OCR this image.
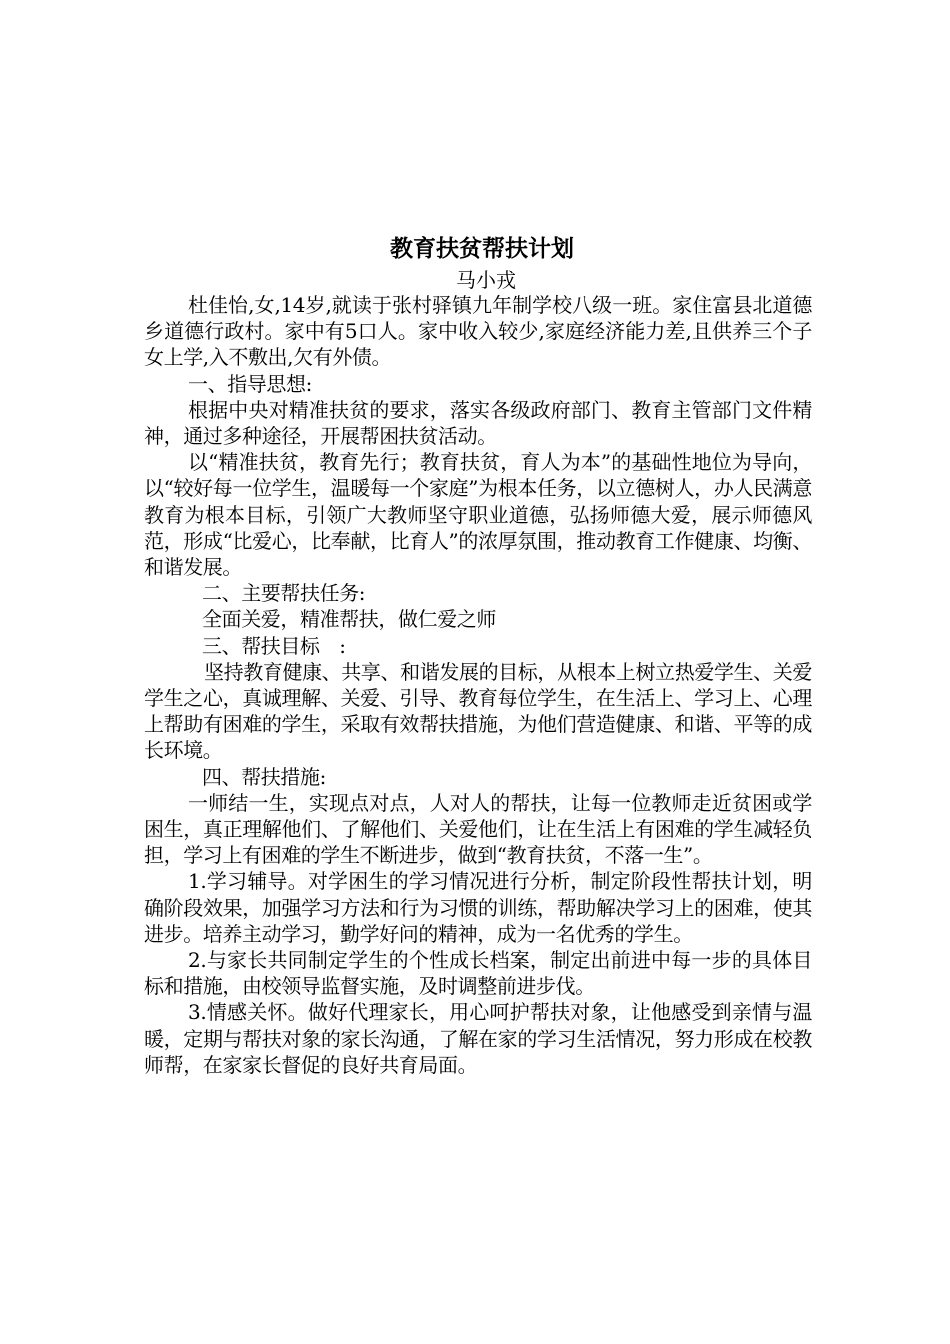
教育扶贫帮扶计划
马小戎

杜佳怡,女,14岁,就读于张村驿镇九年制学校八级一班。家住富县北道德乡道德行政村。家中有5口人。家中收入较少,家庭经济能力差,且供养三个子女上学,入不敷出,欠有外债。

一、指导思想:

根据中央对精准扶贫的要求，落实各级政府部门、教育主管部门文件精神，通过多种途径，开展帮困扶贫活动。

以“精准扶贫，教育先行；教育扶贫，育人为本”的基础性地位为导向，以“较好每一位学生，温暖每一个家庭”为根本任务，以立德树人，办人民满意教育为根本目标，引领广大教师坚守职业道德，弘扬师德大爱，展示师德风范，形成“比爱心，比奉献，比育人”的浓厚氛围，推动教育工作健康、均衡、和谐发展。

二、主要帮扶任务:

全面关爱，精准帮扶，做仁爱之师

三、帮扶目标　:

坚持教育健康、共享、和谐发展的目标，从根本上树立热爱学生、关爱学生之心，真诚理解、关爱、引导、教育每位学生，在生活上、学习上、心理上帮助有困难的学生，采取有效帮扶措施，为他们营造健康、和谐、平等的成长环境。

四、帮扶措施:

一师结一生，实现点对点，人对人的帮扶，让每一位教师走近贫困或学困生，真正理解他们、了解他们、关爱他们，让在生活上有困难的学生减轻负担，学习上有困难的学生不断进步，做到“教育扶贫，不落一生”。

1.学习辅导。对学困生的学习情况进行分析，制定阶段性帮扶计划，明确阶段效果，加强学习方法和行为习惯的训练，帮助解决学习上的困难，使其进步。培养主动学习，勤学好问的精神，成为一名优秀的学生。

2.与家长共同制定学生的个性成长档案，制定出前进中每一步的具体目标和措施，由校领导监督实施，及时调整前进步伐。

3.情感关怀。做好代理家长，用心呵护帮扶对象，让他感受到亲情与温暖，定期与帮扶对象的家长沟通，了解在家的学习生活情况，努力形成在校教师帮，在家家长督促的良好共育局面。
